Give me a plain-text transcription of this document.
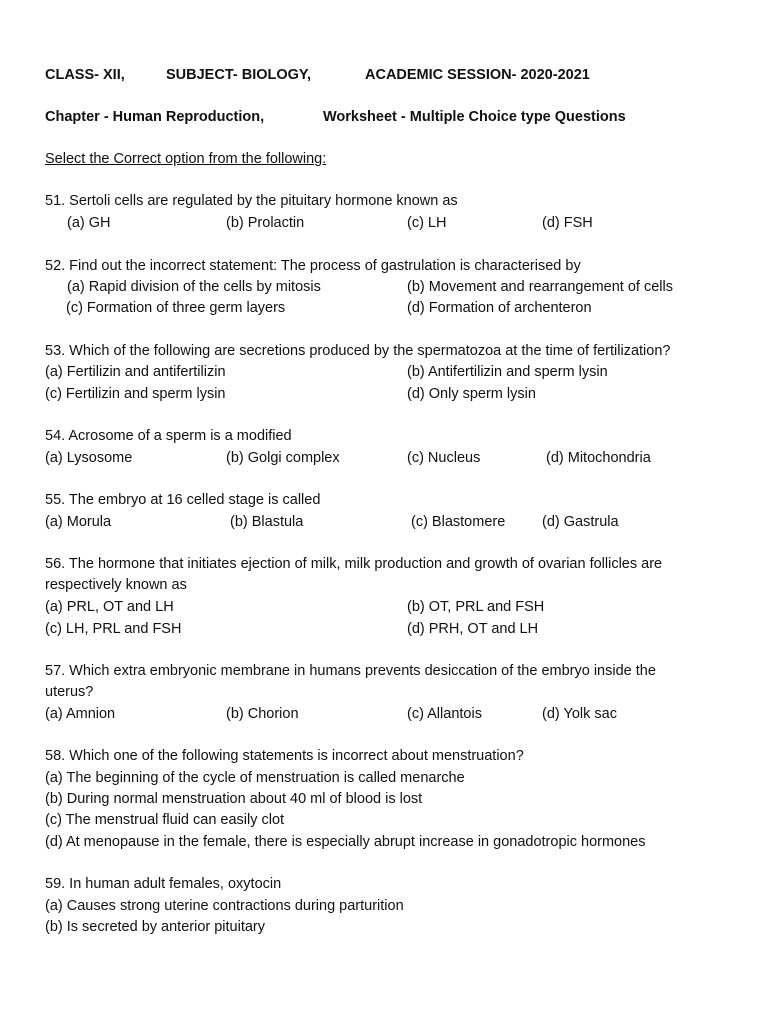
CLASS- XII,	SUBJECT- BIOLOGY,	ACADEMIC SESSION- 2020-2021
Chapter - Human Reproduction,	Worksheet - Multiple Choice type Questions
Select the Correct option from the following:
51. Sertoli cells are regulated by the pituitary hormone known as
(a) GH	(b) Prolactin	(c) LH	(d) FSH
52. Find out the incorrect statement: The process of gastrulation is characterised by
(a) Rapid division of the cells by mitosis	(b) Movement and rearrangement of cells
(c) Formation of three germ layers	(d) Formation of archenteron
53. Which of the following are secretions produced by the spermatozoa at the time of fertilization?
(a) Fertilizin and antifertilizin	(b) Antifertilizin and sperm lysin
(c) Fertilizin and sperm lysin	(d) Only sperm lysin
54. Acrosome of a sperm is a modified
(a) Lysosome	(b) Golgi complex	(c) Nucleus	(d) Mitochondria
55. The embryo at 16 celled stage is called
(a) Morula	(b) Blastula	(c) Blastomere	(d) Gastrula
56. The hormone that initiates ejection of milk, milk production and growth of ovarian follicles are
respectively known as
(a) PRL, OT and LH	(b) OT, PRL and FSH
(c) LH, PRL and FSH	(d) PRH, OT and LH
57. Which extra embryonic membrane in humans prevents desiccation of the embryo inside the
uterus?
(a) Amnion	(b) Chorion	(c) Allantois	(d) Yolk sac
58. Which one of the following statements is incorrect about menstruation?
(a) The beginning of the cycle of menstruation is called menarche
(b) During normal menstruation about 40 ml of blood is lost
(c) The menstrual fluid can easily clot
(d) At menopause in the female, there is especially abrupt increase in gonadotropic hormones
59. In human adult females, oxytocin
(a) Causes strong uterine contractions during parturition
(b) Is secreted by anterior pituitary
